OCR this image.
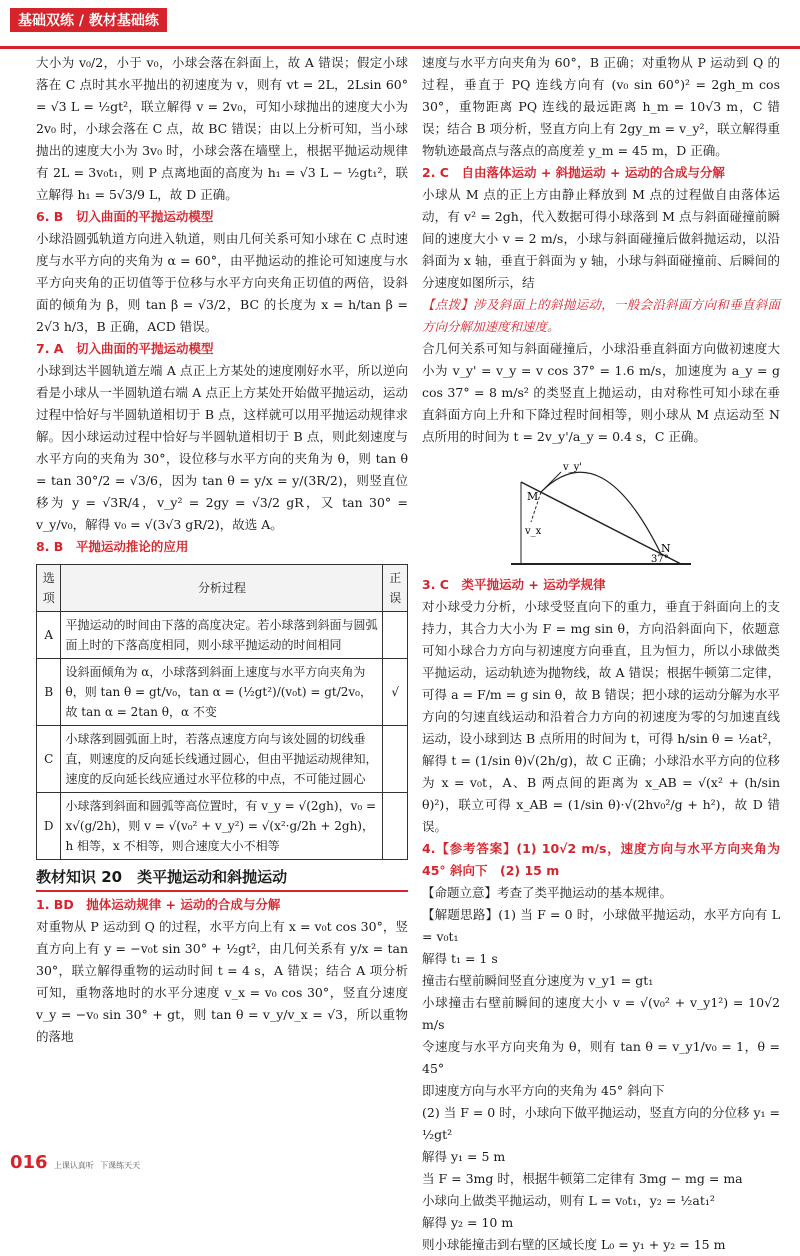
基础双练 / 教材基础练

大小为 v₀/2，小于 v₀，小球会落在斜面上，故 A 错误；假定小球落在 C 点时其水平抛出的初速度为 v，则有 vt = 2L，2Lsin 60° = √3 L = ½gt²，联立解得 v = 2v₀，可知小球抛出的速度大小为 2v₀ 时，小球会落在 C 点，故 BC 错误；由以上分析可知，当小球抛出的速度大小为 3v₀ 时，小球会落在墙壁上，根据平抛运动规律有 2L = 3v₀t₁，则 P 点离地面的高度为 h₁ = √3 L − ½gt₁²，联立解得 h₁ = 5√3/9 L，故 D 正确。

6. B　切入曲面的平抛运动模型

小球沿圆弧轨道方向进入轨道，则由几何关系可知小球在 C 点时速度与水平方向的夹角为 α = 60°，由平抛运动的推论可知速度与水平方向夹角的正切值等于位移与水平方向夹角正切值的两倍，设斜面的倾角为 β，则 tan β = √3/2，BC 的长度为 x = h/tan β = 2√3 h/3，B 正确，ACD 错误。

7. A　切入曲面的平抛运动模型

小球到达半圆轨道左端 A 点正上方某处的速度刚好水平，所以逆向看是小球从一半圆轨道右端 A 点正上方某处开始做平抛运动，运动过程中恰好与半圆轨道相切于 B 点，这样就可以用平抛运动规律求解。因小球运动过程中恰好与半圆轨道相切于 B 点，则此刻速度与水平方向的夹角为 30°，设位移与水平方向的夹角为 θ，则 tan θ = tan 30°/2 = √3/6，因为 tan θ = y/x = y/(3R/2)，则竖直位移为 y = √3R/4，v_y² = 2gy = √3/2 gR，又 tan 30° = v_y/v₀，解得 v₀ = √(3√3 gR/2)，故选 A。

8. B　平抛运动推论的应用

选项	分析过程	正误
A	平抛运动的时间由下落的高度决定。若小球落到斜面与圆弧面上时的下落高度相同，则小球平抛运动的时间相同	
B	设斜面倾角为 α，小球落到斜面上速度与水平方向夹角为 θ，则 tan θ = gt/v₀，tan α = (½gt²)/(v₀t) = gt/2v₀，故 tan α = 2tan θ，α 不变	√
C	小球落到圆弧面上时，若落点速度方向与该处圆的切线垂直，则速度的反向延长线通过圆心，但由平抛运动规律知，速度的反向延长线应通过水平位移的中点，不可能过圆心	
D	小球落到斜面和圆弧等高位置时，有 v_y = √(2gh)，v₀ = x√(g/2h)，则 v = √(v₀² + v_y²) = √(x²·g/2h + 2gh)，h 相等，x 不相等，则合速度大小不相等	
教材知识 20　类平抛运动和斜抛运动

1. BD　抛体运动规律 + 运动的合成与分解

对重物从 P 运动到 Q 的过程，水平方向上有 x = v₀t cos 30°，竖直方向上有 y = −v₀t sin 30° + ½gt²，由几何关系有 y/x = tan 30°，联立解得重物的运动时间 t = 4 s，A 错误；结合 A 项分析可知，重物落地时的水平分速度 v_x = v₀ cos 30°，竖直分速度 v_y = −v₀ sin 30° + gt，则 tan θ = v_y/v_x = √3，所以重物的落地

速度与水平方向夹角为 60°，B 正确；对重物从 P 运动到 Q 的过程，垂直于 PQ 连线方向有 (v₀ sin 60°)² = 2gh_m cos 30°，重物距离 PQ 连线的最远距离 h_m = 10√3 m，C 错误；结合 B 项分析，竖直方向上有 2gy_m = v_y²，联立解得重物轨迹最高点与落点的高度差 y_m = 45 m，D 正确。

2. C　自由落体运动 + 斜抛运动 + 运动的合成与分解

小球从 M 点的正上方由静止释放到 M 点的过程做自由落体运动，有 v² = 2gh，代入数据可得小球落到 M 点与斜面碰撞前瞬间的速度大小 v = 2 m/s，小球与斜面碰撞后做斜抛运动，以沿斜面为 x 轴，垂直于斜面为 y 轴，小球与斜面碰撞前、后瞬间的分速度如图所示，结

【点拨】涉及斜面上的斜抛运动，一般会沿斜面方向和垂直斜面方向分解加速度和速度。

合几何关系可知与斜面碰撞后，小球沿垂直斜面方向做初速度大小为 v_y' = v_y = v cos 37° = 1.6 m/s，加速度为 a_y = g cos 37° = 8 m/s² 的类竖直上抛运动，由对称性可知小球在垂直斜面方向上升和下降过程时间相等，则小球从 M 点运动至 N 点所用的时间为 t = 2v_y'/a_y = 0.4 s，C 正确。

M
N
37°
v_y'
v_x

3. C　类平抛运动 + 运动学规律

对小球受力分析，小球受竖直向下的重力，垂直于斜面向上的支持力，其合力大小为 F = mg sin θ，方向沿斜面向下，依题意可知小球合力方向与初速度方向垂直，且为恒力，所以小球做类平抛运动，运动轨迹为抛物线，故 A 错误；根据牛顿第二定律，可得 a = F/m = g sin θ，故 B 错误；把小球的运动分解为水平方向的匀速直线运动和沿着合力方向的初速度为零的匀加速直线运动，设小球到达 B 点所用的时间为 t，可得 h/sin θ = ½at²，解得 t = (1/sin θ)√(2h/g)，故 C 正确；小球沿水平方向的位移为 x = v₀t，A、B 两点间的距离为 x_AB = √(x² + (h/sin θ)²)，联立可得 x_AB = (1/sin θ)·√(2hv₀²/g + h²)，故 D 错误。

4.【参考答案】(1) 10√2 m/s，速度方向与水平方向夹角为 45° 斜向下　(2) 15 m

【命题立意】考查了类平抛运动的基本规律。

【解题思路】(1) 当 F = 0 时，小球做平抛运动，水平方向有 L = v₀t₁

解得 t₁ = 1 s

撞击右壁前瞬间竖直分速度为 v_y1 = gt₁

小球撞击右壁前瞬间的速度大小 v = √(v₀² + v_y1²) = 10√2 m/s

令速度与水平方向夹角为 θ，则有 tan θ = v_y1/v₀ = 1，θ = 45°

即速度方向与水平方向的夹角为 45° 斜向下

(2) 当 F = 0 时，小球向下做平抛运动，竖直方向的分位移 y₁ = ½gt²

解得 y₁ = 5 m

当 F = 3mg 时，根据牛顿第二定律有 3mg − mg = ma

小球向上做类平抛运动，则有 L = v₀t₁，y₂ = ½at₁²

解得 y₂ = 10 m

则小球能撞击到右壁的区域长度 L₀ = y₁ + y₂ = 15 m

016 上课认真听 下课练天天
